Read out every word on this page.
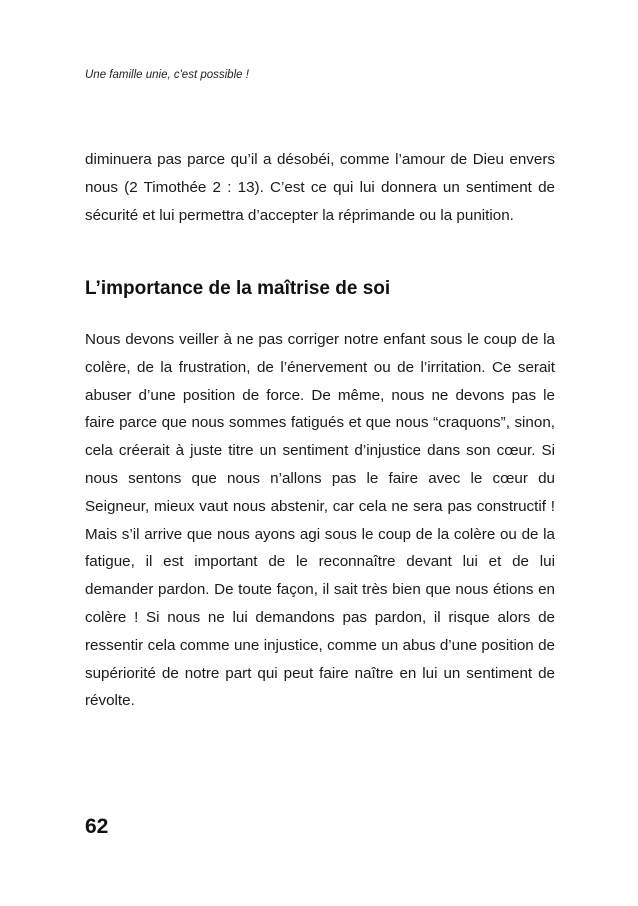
Une famille unie, c'est possible !

diminuera pas parce qu’il a désobéi, comme l’amour de Dieu envers nous (2 Timothée 2 : 13). C’est ce qui lui donnera un sentiment de sécurité et lui permettra d’accepter la réprimande ou la punition.

L’importance de la maîtrise de soi

Nous devons veiller à ne pas corriger notre enfant sous le coup de la colère, de la frustration, de l’énervement ou de l’irritation. Ce serait abuser d’une position de force. De même, nous ne devons pas le faire parce que nous sommes fatigués et que nous “craquons”, sinon, cela créerait à juste titre un sentiment d’injustice dans son cœur. Si nous sentons que nous n’allons pas le faire avec le cœur du Seigneur, mieux vaut nous abstenir, car cela ne sera pas constructif ! Mais s’il arrive que nous ayons agi sous le coup de la colère ou de la fatigue, il est important de le reconnaître devant lui et de lui demander pardon. De toute façon, il sait très bien que nous étions en colère ! Si nous ne lui demandons pas pardon, il risque alors de ressentir cela comme une injustice, comme un abus d’une position de supériorité de notre part qui peut faire naître en lui un sentiment de révolte.

62
